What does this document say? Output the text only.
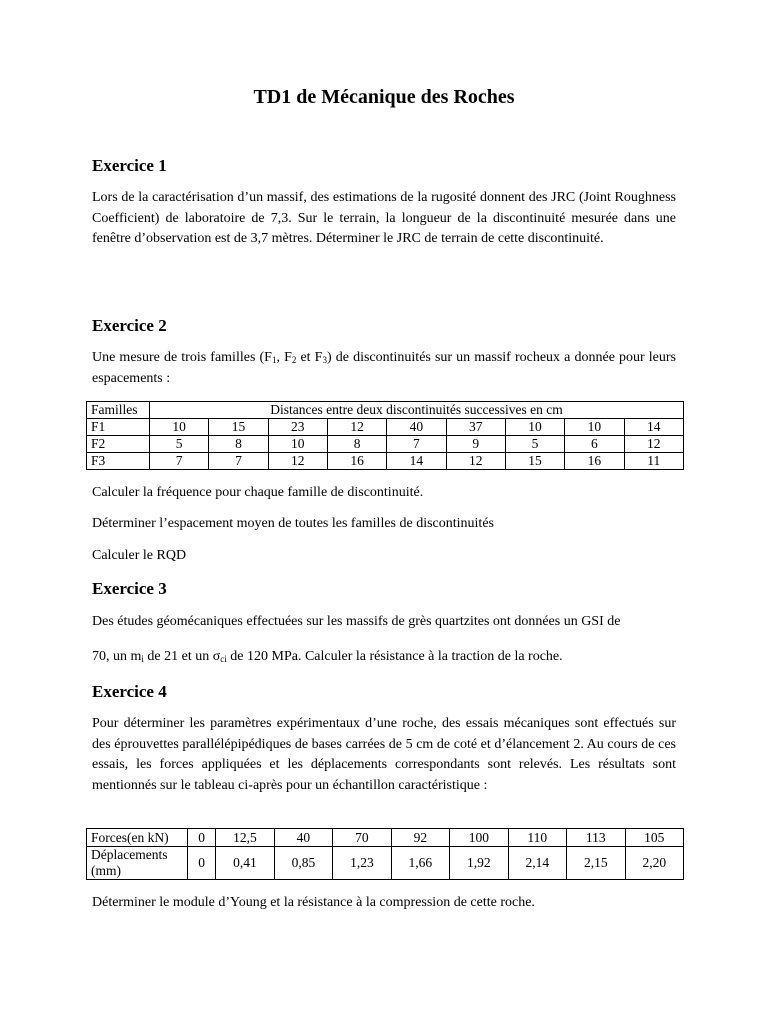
TD1 de Mécanique des Roches
Exercice 1
Lors de la caractérisation d’un massif, des estimations de la rugosité donnent des JRC (Joint Roughness Coefficient) de laboratoire de 7,3. Sur le terrain, la longueur de la discontinuité mesurée dans une fenêtre d’observation est de 3,7 mètres. Déterminer le JRC de terrain de cette discontinuité.
Exercice 2
Une mesure de trois familles ($F_1$, $F_2$ et $F_3$) de discontinuités sur un massif rocheux a donnée pour leurs espacements :
Familles	Distances entre deux discontinuités successives en cm								
F1	10	15	23	12	40	37	10	10	14
F2	5	8	10	8	7	9	5	6	12
F3	7	7	12	16	14	12	15	16	11
Calculer la fréquence pour chaque famille de discontinuité.
Déterminer l’espacement moyen de toutes les familles de discontinuités
Calculer le RQD
Exercice 3
Des études géomécaniques effectuées sur les massifs de grès quartzites ont données un GSI de
70, un $m_i$ de 21 et un $\sigma_{ci}$ de 120 MPa. Calculer la résistance à la traction de la roche.
Exercice 4
Pour déterminer les paramètres expérimentaux d’une roche, des essais mécaniques sont effectués sur des éprouvettes parallélépipédiques de bases carrées de 5 cm de coté et d’élancement 2. Au cours de ces essais, les forces appliquées et les déplacements correspondants sont relevés. Les résultats sont mentionnés sur le tableau ci-après pour un échantillon caractéristique :
Forces(en kN)	0	12,5	40	70	92	100	110	113	105

Déplacements
(mm)	0	0,41	0,85	1,23	1,66	1,92	2,14	2,15	2,20
Déterminer le module d’Young et la résistance à la compression de cette roche.
